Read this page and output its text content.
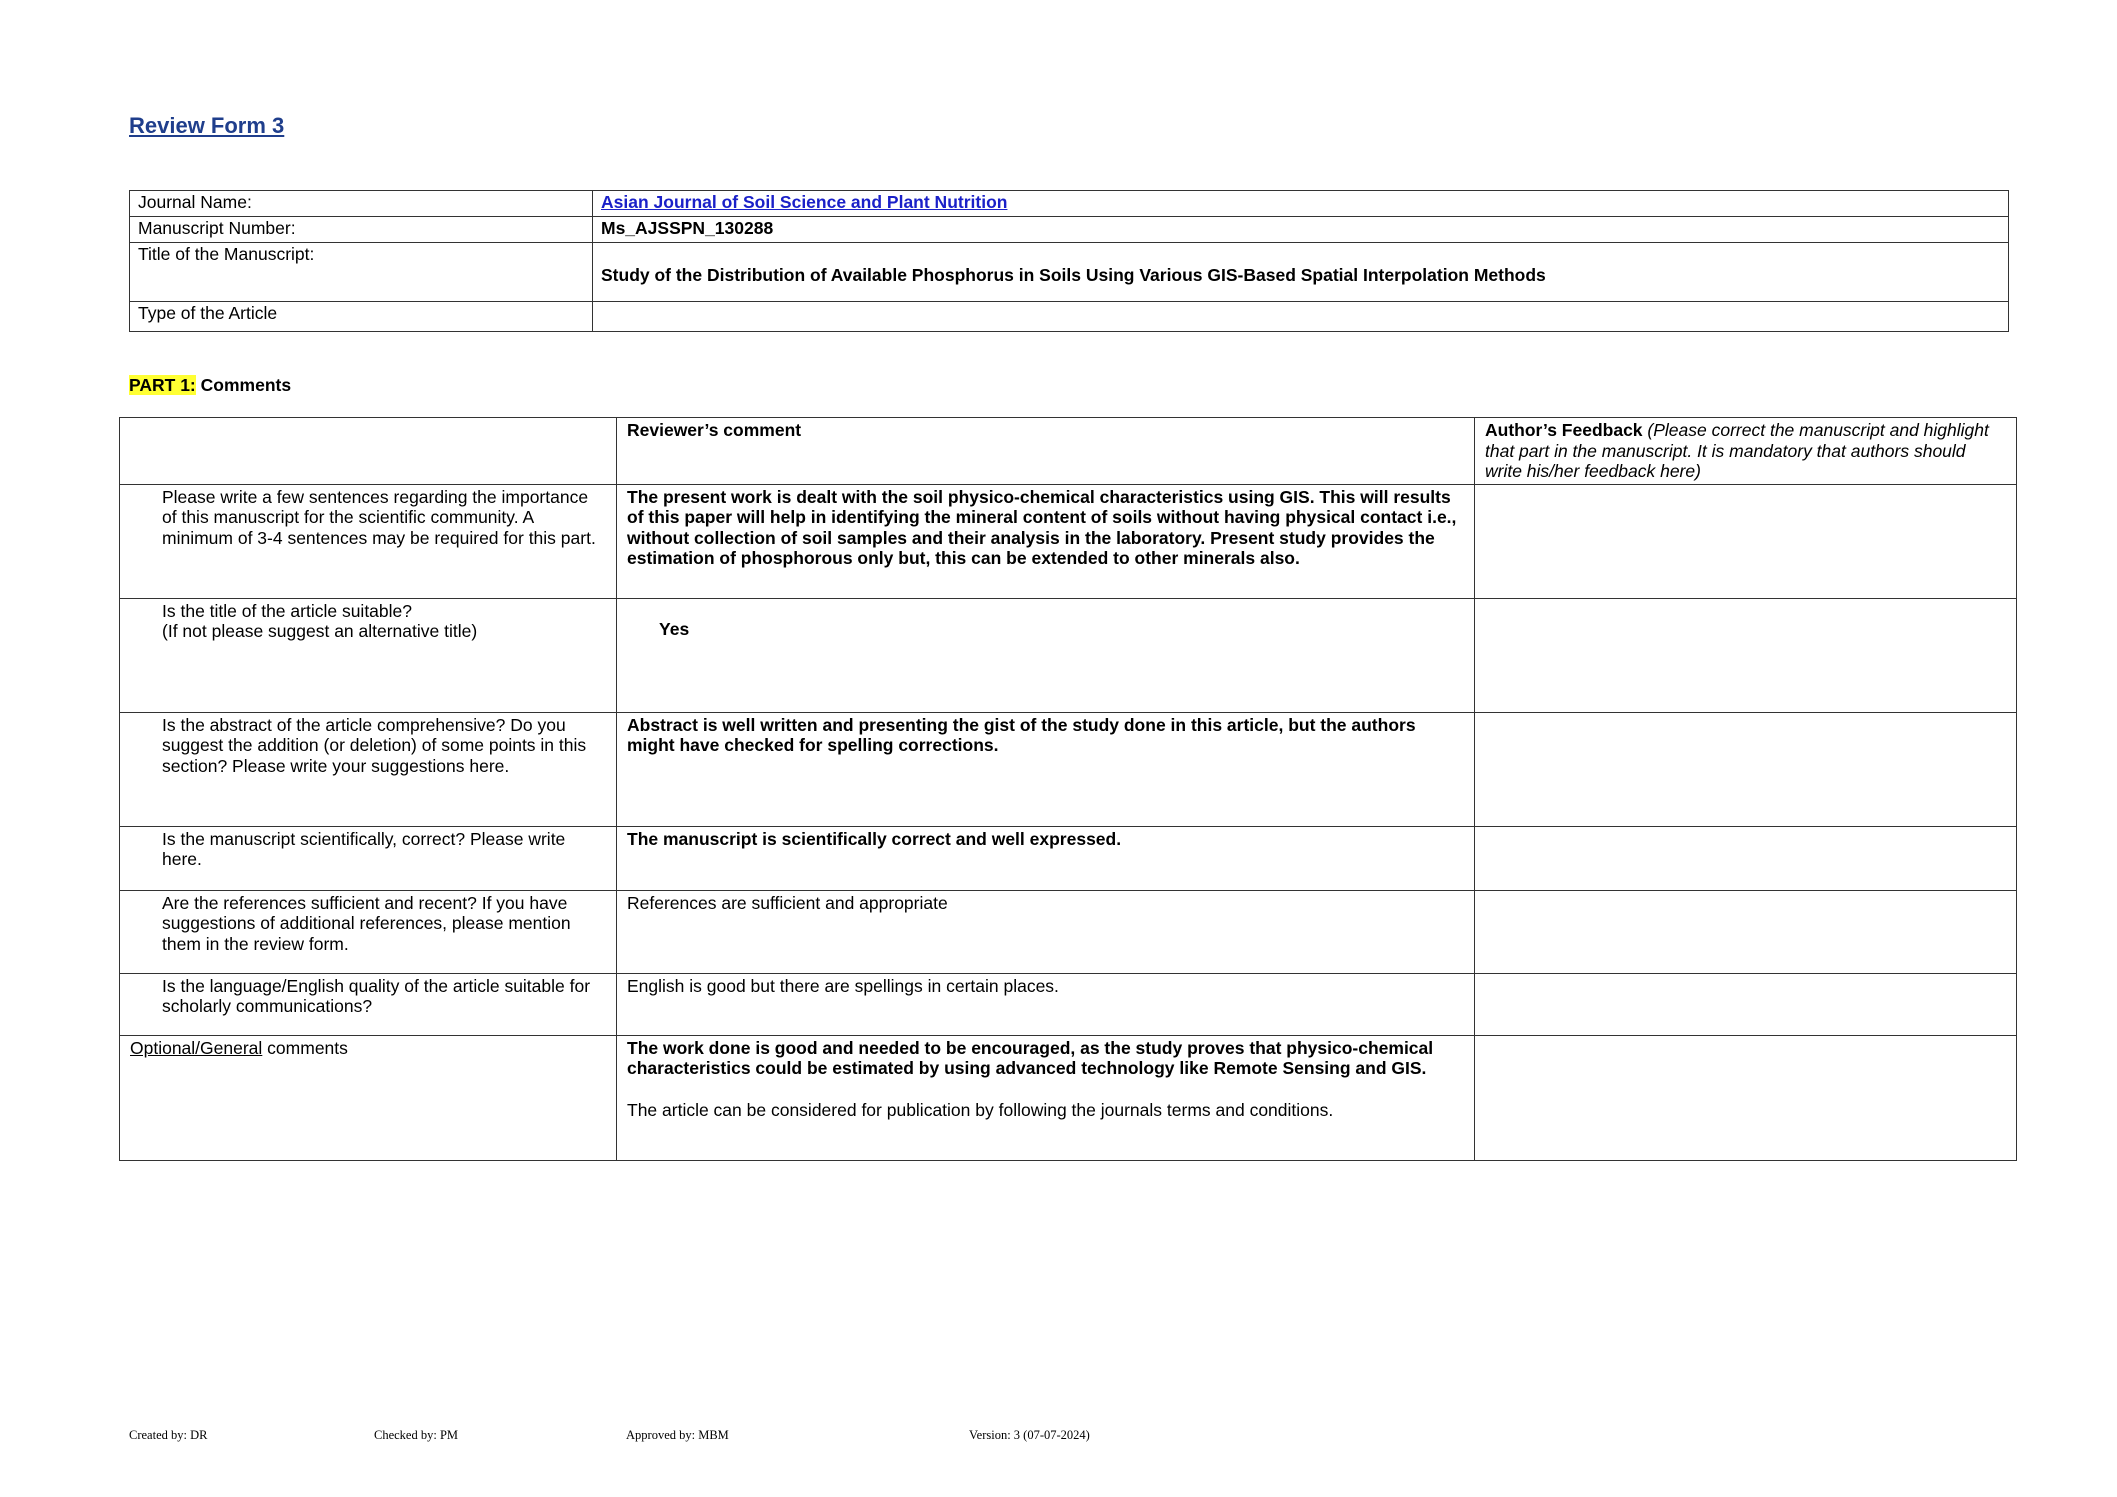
Review Form 3
Journal Name:	Asian Journal of Soil Science and Plant Nutrition
Manuscript Number:	Ms_AJSSPN_130288
Title of the Manuscript:	Study of the Distribution of Available Phosphorus in Soils Using Various GIS-Based Spatial Interpolation Methods
Type of the Article	
PART 1: Comments
	Reviewer’s comment	Author’s Feedback (Please correct the manuscript and highlight that part in the manuscript. It is mandatory that authors should write his/her feedback here)
Please write a few sentences regarding the importance of this manuscript for the scientific community. A minimum of 3-4 sentences may be required for this part.	The present work is dealt with the soil physico-chemical characteristics using GIS. This will results of this paper will help in identifying the mineral content of soils without having physical contact i.e., without collection of soil samples and their analysis in the laboratory. Present study provides the estimation of phosphorous only but, this can be extended to other minerals also.	

Is the title of the article suitable?
(If not please suggest an alternative title)	Yes	

Is the abstract of the article comprehensive? Do you suggest the addition (or deletion) of some points in this section? Please write your suggestions here.	Abstract is well written and presenting the gist of the study done in this article, but the authors might have checked for spelling corrections.	
Is the manuscript scientifically, correct? Please write here.	The manuscript is scientifically correct and well expressed.	
Are the references sufficient and recent? If you have suggestions of additional references, please mention them in the review form.	References are sufficient and appropriate	
Is the language/English quality of the article suitable for scholarly communications?	English is good but there are spellings in certain places.	
Optional/General comments	The work done is good and needed to be encouraged, as the study proves that physico-chemical characteristics could be estimated by using advanced technology like Remote Sensing and GIS.
The article can be considered for publication by following the journals terms and conditions.	

Created by: DR	Checked by: PM	Approved by: MBM	Version: 3 (07-07-2024)
